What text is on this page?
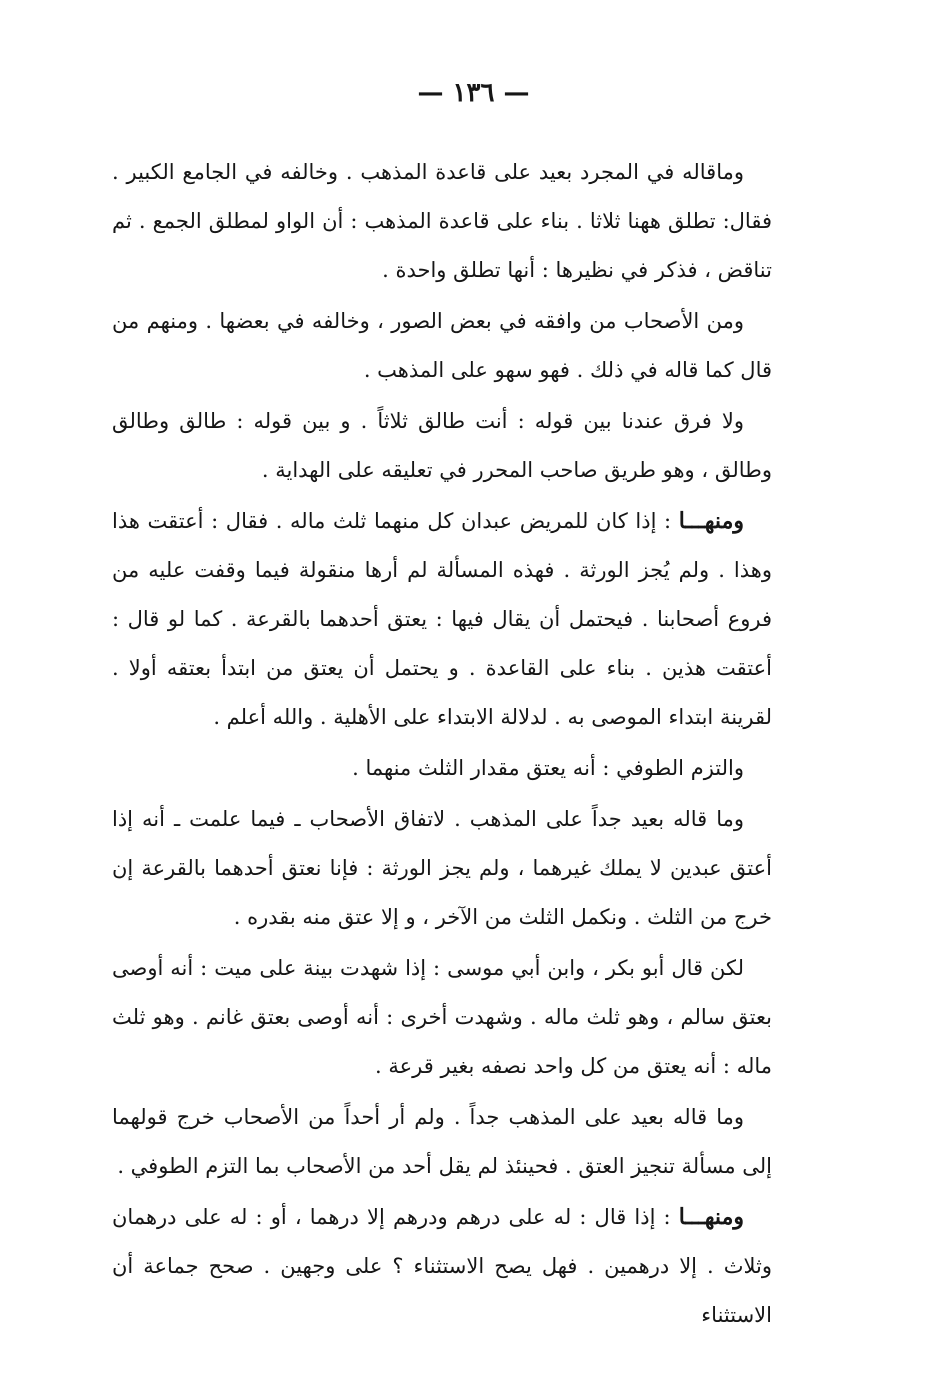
— ١٣٦ —

وماقاله في المجرد بعيد على قاعدة المذهب . وخالفه في الجامع الكبير . فقال: تطلق ههنا ثلاثا . بناء على قاعدة المذهب : أن الواو لمطلق الجمع . ثم تناقض ، فذكر في نظيرها : أنها تطلق واحدة .

ومن الأصحاب من وافقه في بعض الصور ، وخالفه في بعضها . ومنهم من قال كما قاله في ذلك . فهو سهو على المذهب .

ولا فرق عندنا بين قوله : أنت طالق ثلاثاً . و بين قوله : طالق وطالق وطالق ، وهو طريق صاحب المحرر في تعليقه على الهداية .

ومنهـــا : إذا كان للمريض عبدان كل منهما ثلث ماله . فقال : أعتقت هذا وهذا . ولم يُجز الورثة . فهذه المسألة لم أرها منقولة فيما وقفت عليه من فروع أصحابنا . فيحتمل أن يقال فيها : يعتق أحدهما بالقرعة . كما لو قال : أعتقت هذين . بناء على القاعدة . و يحتمل أن يعتق من ابتدأ بعتقه أولا . لقرينة ابتداء الموصى به . لدلالة الابتداء على الأهلية . والله أعلم .

والتزم الطوفي : أنه يعتق مقدار الثلث منهما .

وما قاله بعيد جداً على المذهب . لاتفاق الأصحاب ـ فيما علمت ـ أنه إذا أعتق عبدين لا يملك غيرهما ، ولم يجز الورثة : فإنا نعتق أحدهما بالقرعة إن خرج من الثلث . ونكمل الثلث من الآخر ، و إلا عتق منه بقدره .

لكن قال أبو بكر ، وابن أبي موسى : إذا شهدت بينة على ميت : أنه أوصى بعتق سالم ، وهو ثلث ماله . وشهدت أخرى : أنه أوصى بعتق غانم . وهو ثلث ماله : أنه يعتق من كل واحد نصفه بغير قرعة .

وما قاله بعيد على المذهب جداً . ولم أر أحداً من الأصحاب خرج قولهما إلى مسألة تنجيز العتق . فحينئذ لم يقل أحد من الأصحاب بما التزم الطوفي .

ومنهـــا : إذا قال : له على درهم ودرهم إلا درهما ، أو : له على درهمان وثلاث . إلا درهمين . فهل يصح الاستثناء ؟ على وجهين . صحح جماعة أن الاستثناء
